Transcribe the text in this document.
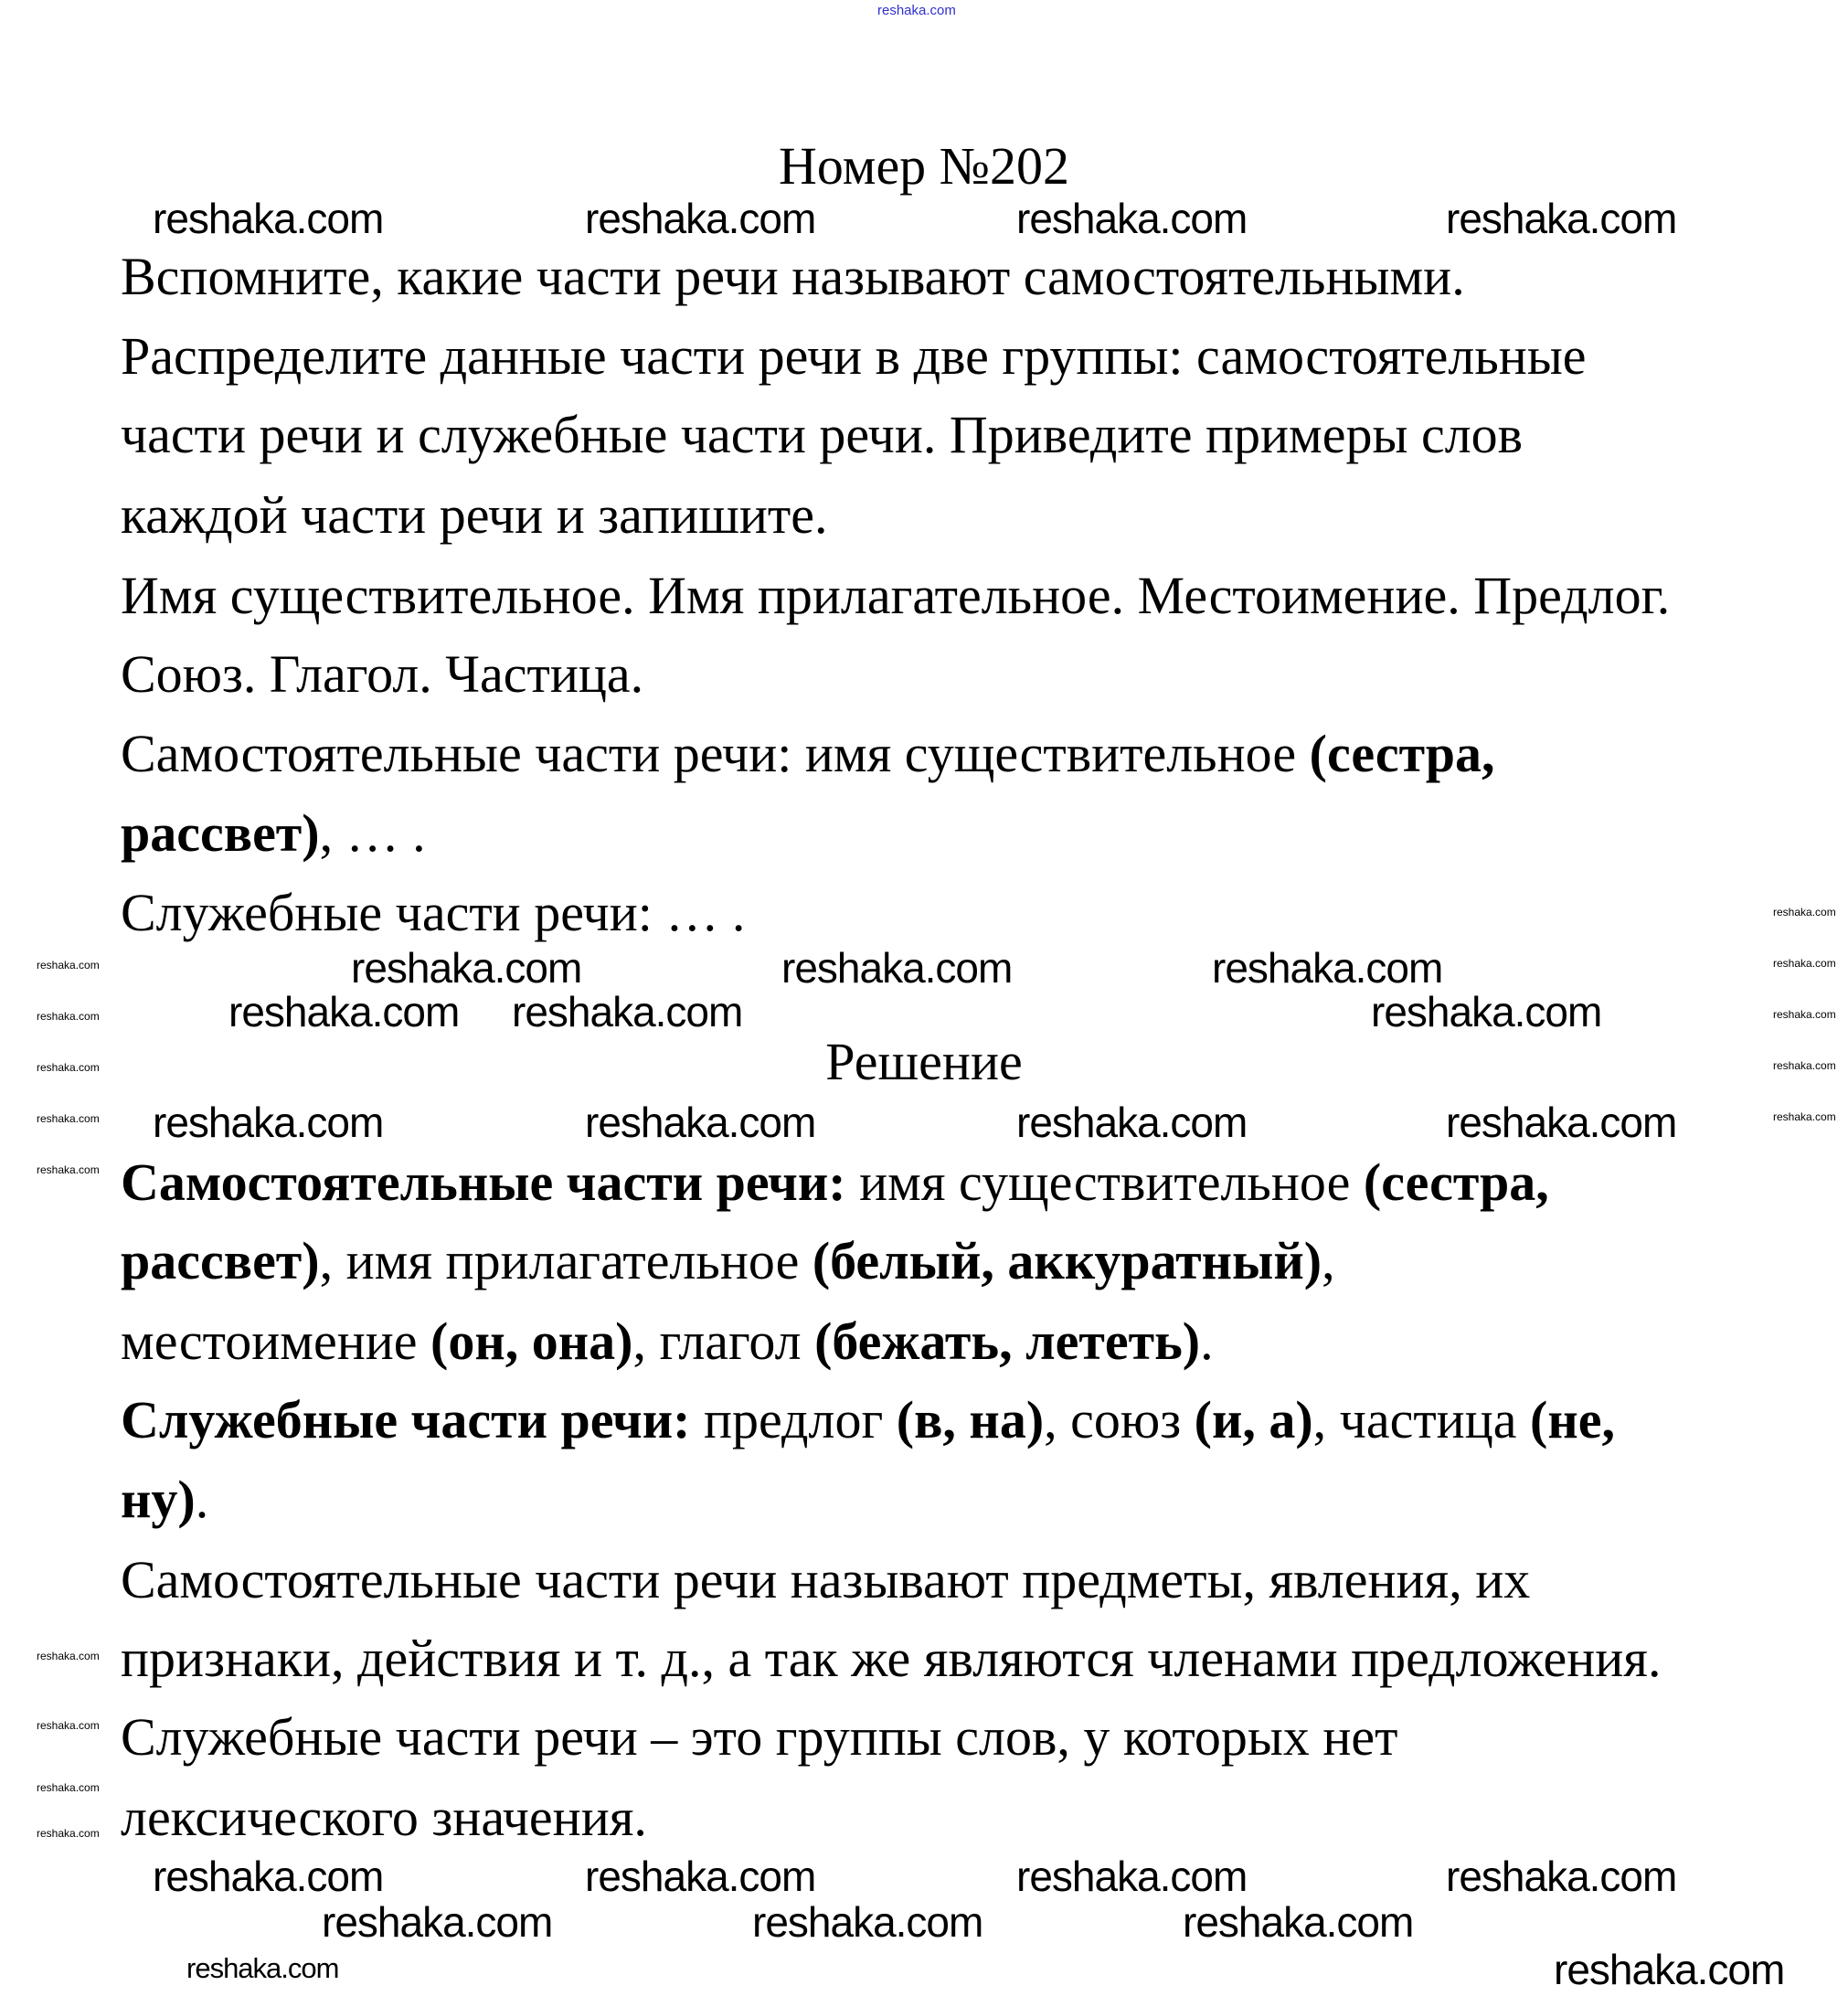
reshaka.com
Номер №202
Вспомните, какие части речи называют самостоятельными.
Распределите данные части речи в две группы: самостоятельные
части речи и служебные части речи. Приведите примеры слов
каждой части речи и запишите.
Имя существительное. Имя прилагательное. Местоимение. Предлог.
Союз. Глагол. Частица.
Самостоятельные части речи: имя существительное (сестра,
рассвет), … .
Служебные части речи: … .
Решение
Самостоятельные части речи: имя существительное (сестра,
рассвет), имя прилагательное (белый, аккуратный),
местоимение (он, она), глагол (бежать, лететь).
Служебные части речи: предлог (в, на), союз (и, а), частица (не,
ну).
Самостоятельные части речи называют предметы, явления, их
признаки, действия и т. д., а так же являются членами предложения.
Служебные части речи – это группы слов, у которых нет
лексического значения.
reshaka.com	reshaka.com	reshaka.com	reshaka.com
reshaka.com	reshaka.com	reshaka.com
reshaka.com reshaka.com	reshaka.com
reshaka.com	reshaka.com	reshaka.com	reshaka.com
reshaka.com	reshaka.com	reshaka.com	reshaka.com
reshaka.com	reshaka.com	reshaka.com
reshaka.com
reshaka.com
reshaka.com
reshaka.com
reshaka.com
reshaka.com
reshaka.com
reshaka.com
reshaka.com
reshaka.com
reshaka.com
reshaka.com
reshaka.com
reshaka.com
reshaka.com
reshaka.com
